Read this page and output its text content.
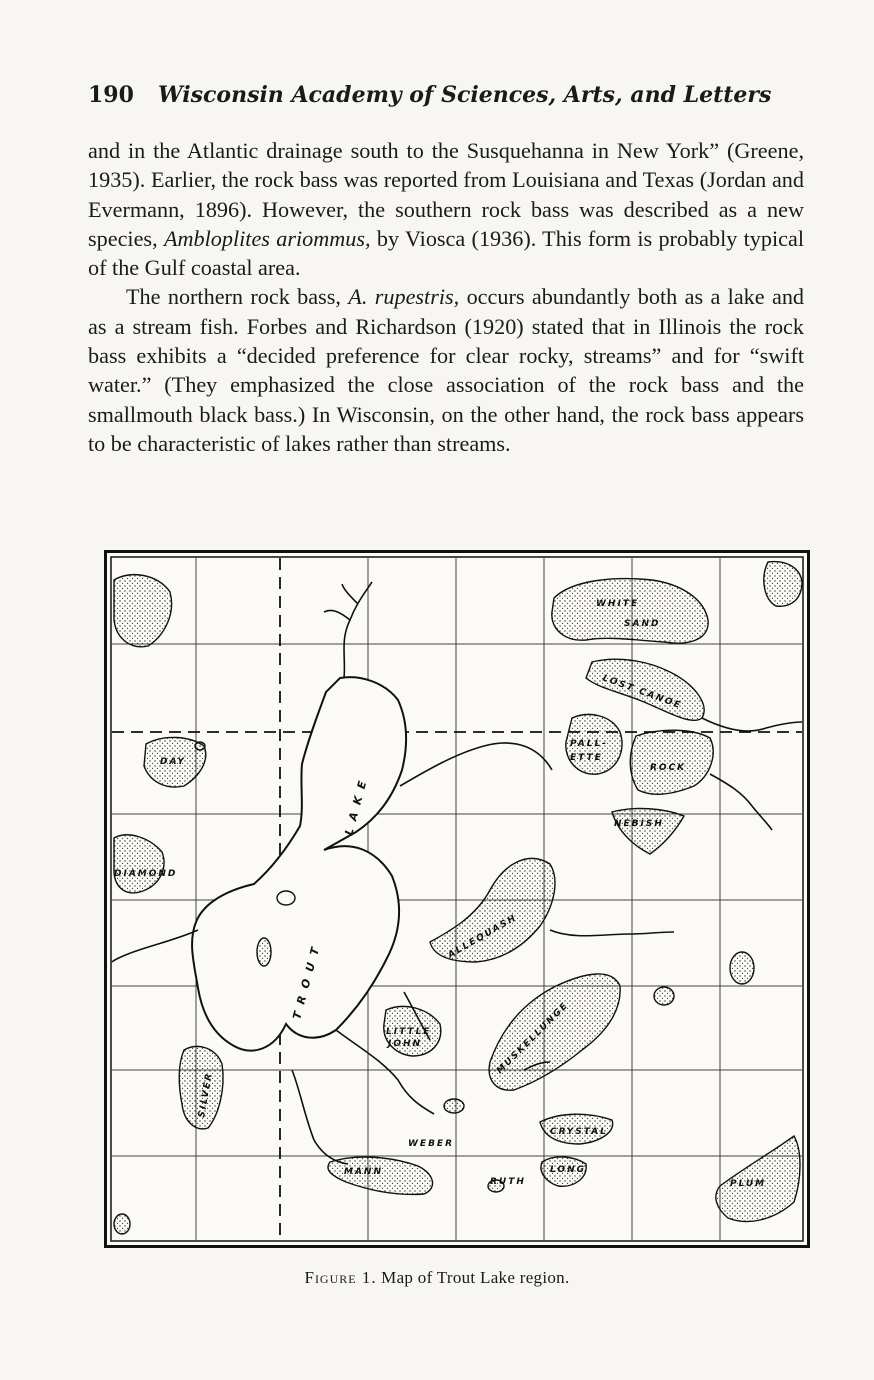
190 Wisconsin Academy of Sciences, Arts, and Letters

and in the Atlantic drainage south to the Susquehanna in New York” (Greene, 1935). Earlier, the rock bass was reported from Louisiana and Texas (Jordan and Evermann, 1896). However, the southern rock bass was described as a new species, Ambloplites ariommus, by Viosca (1936). This form is probably typical of the Gulf coastal area.

The northern rock bass, A. rupestris, occurs abundantly both as a lake and as a stream fish. Forbes and Richardson (1920) stated that in Illinois the rock bass exhibits a “decided preference for clear rocky, streams” and for “swift water.” (They emphasized the close association of the rock bass and the smallmouth black bass.) In Wisconsin, on the other hand, the rock bass appears to be characteristic of lakes rather than streams.

WHITE
SAND
LOST CANOE
PALL-
ETTE
ROCK
NEBISH
DAY
DIAMOND
TROUT
LAKE
ALLEQUASH
MUSKELLUNGE
LITTLE
JOHN
SILVER
WEBER
CRYSTAL
MANN
RUTH
LONG
PLUM
Figure 1. Map of Trout Lake region.
